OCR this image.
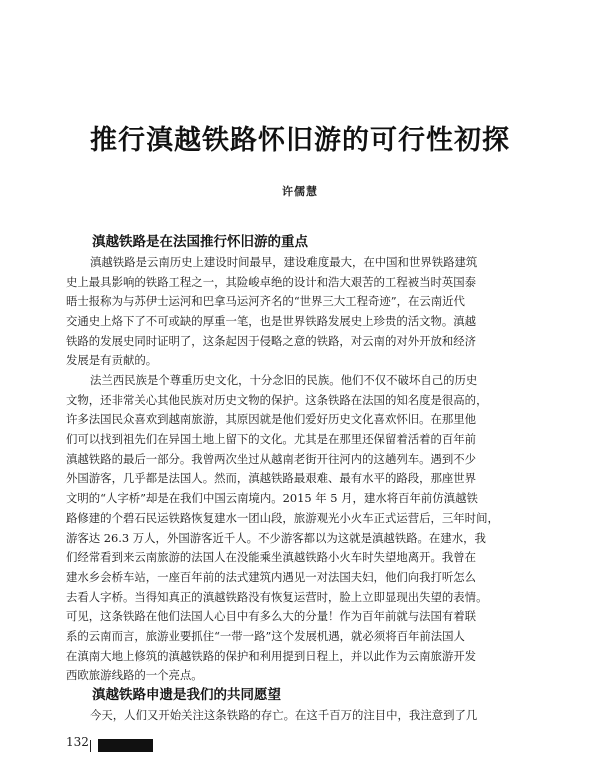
推行滇越铁路怀旧游的可行性初探
许儒慧
滇越铁路是在法国推行怀旧游的重点
滇越铁路是云南历史上建设时间最早，建设难度最大，在中国和世界铁路建筑
史上最具影响的铁路工程之一，其险峻卓绝的设计和浩大艰苦的工程被当时英国泰
晤士报称为与苏伊士运河和巴拿马运河齐名的“世界三大工程奇迹”，在云南近代
交通史上烙下了不可或缺的厚重一笔，也是世界铁路发展史上珍贵的活文物。滇越
铁路的发展史同时证明了，这条起因于侵略之意的铁路，对云南的对外开放和经济
发展是有贡献的。
法兰西民族是个尊重历史文化，十分念旧的民族。他们不仅不破坏自己的历史
文物，还非常关心其他民族对历史文物的保护。这条铁路在法国的知名度是很高的，
许多法国民众喜欢到越南旅游，其原因就是他们爱好历史文化喜欢怀旧。在那里他
们可以找到祖先们在异国土地上留下的文化。尤其是在那里还保留着活着的百年前
滇越铁路的最后一部分。我曾两次坐过从越南老街开往河内的这趟列车。遇到不少
外国游客，几乎都是法国人。然而，滇越铁路最艰难、最有水平的路段，那座世界
文明的“人字桥”却是在我们中国云南境内。2015 年 5 月，建水将百年前仿滇越铁
路修建的个碧石民运铁路恢复建水一团山段，旅游观光小火车正式运营后，三年时间，
游客达 26.3 万人，外国游客近千人。不少游客都以为这就是滇越铁路。在建水，我
们经常看到来云南旅游的法国人在没能乘坐滇越铁路小火车时失望地离开。我曾在
建水乡会桥车站，一座百年前的法式建筑内遇见一对法国夫妇，他们向我打听怎么
去看人字桥。当得知真正的滇越铁路没有恢复运营时，脸上立即显现出失望的表情。
可见，这条铁路在他们法国人心目中有多么大的分量！作为百年前就与法国有着联
系的云南而言，旅游业要抓住“一带一路”这个发展机遇，就必须将百年前法国人
在滇南大地上修筑的滇越铁路的保护和利用提到日程上，并以此作为云南旅游开发
西欧旅游线路的一个亮点。
滇越铁路申遗是我们的共同愿望
今天，人们又开始关注这条铁路的存亡。在这千百万的注目中，我注意到了几
132
